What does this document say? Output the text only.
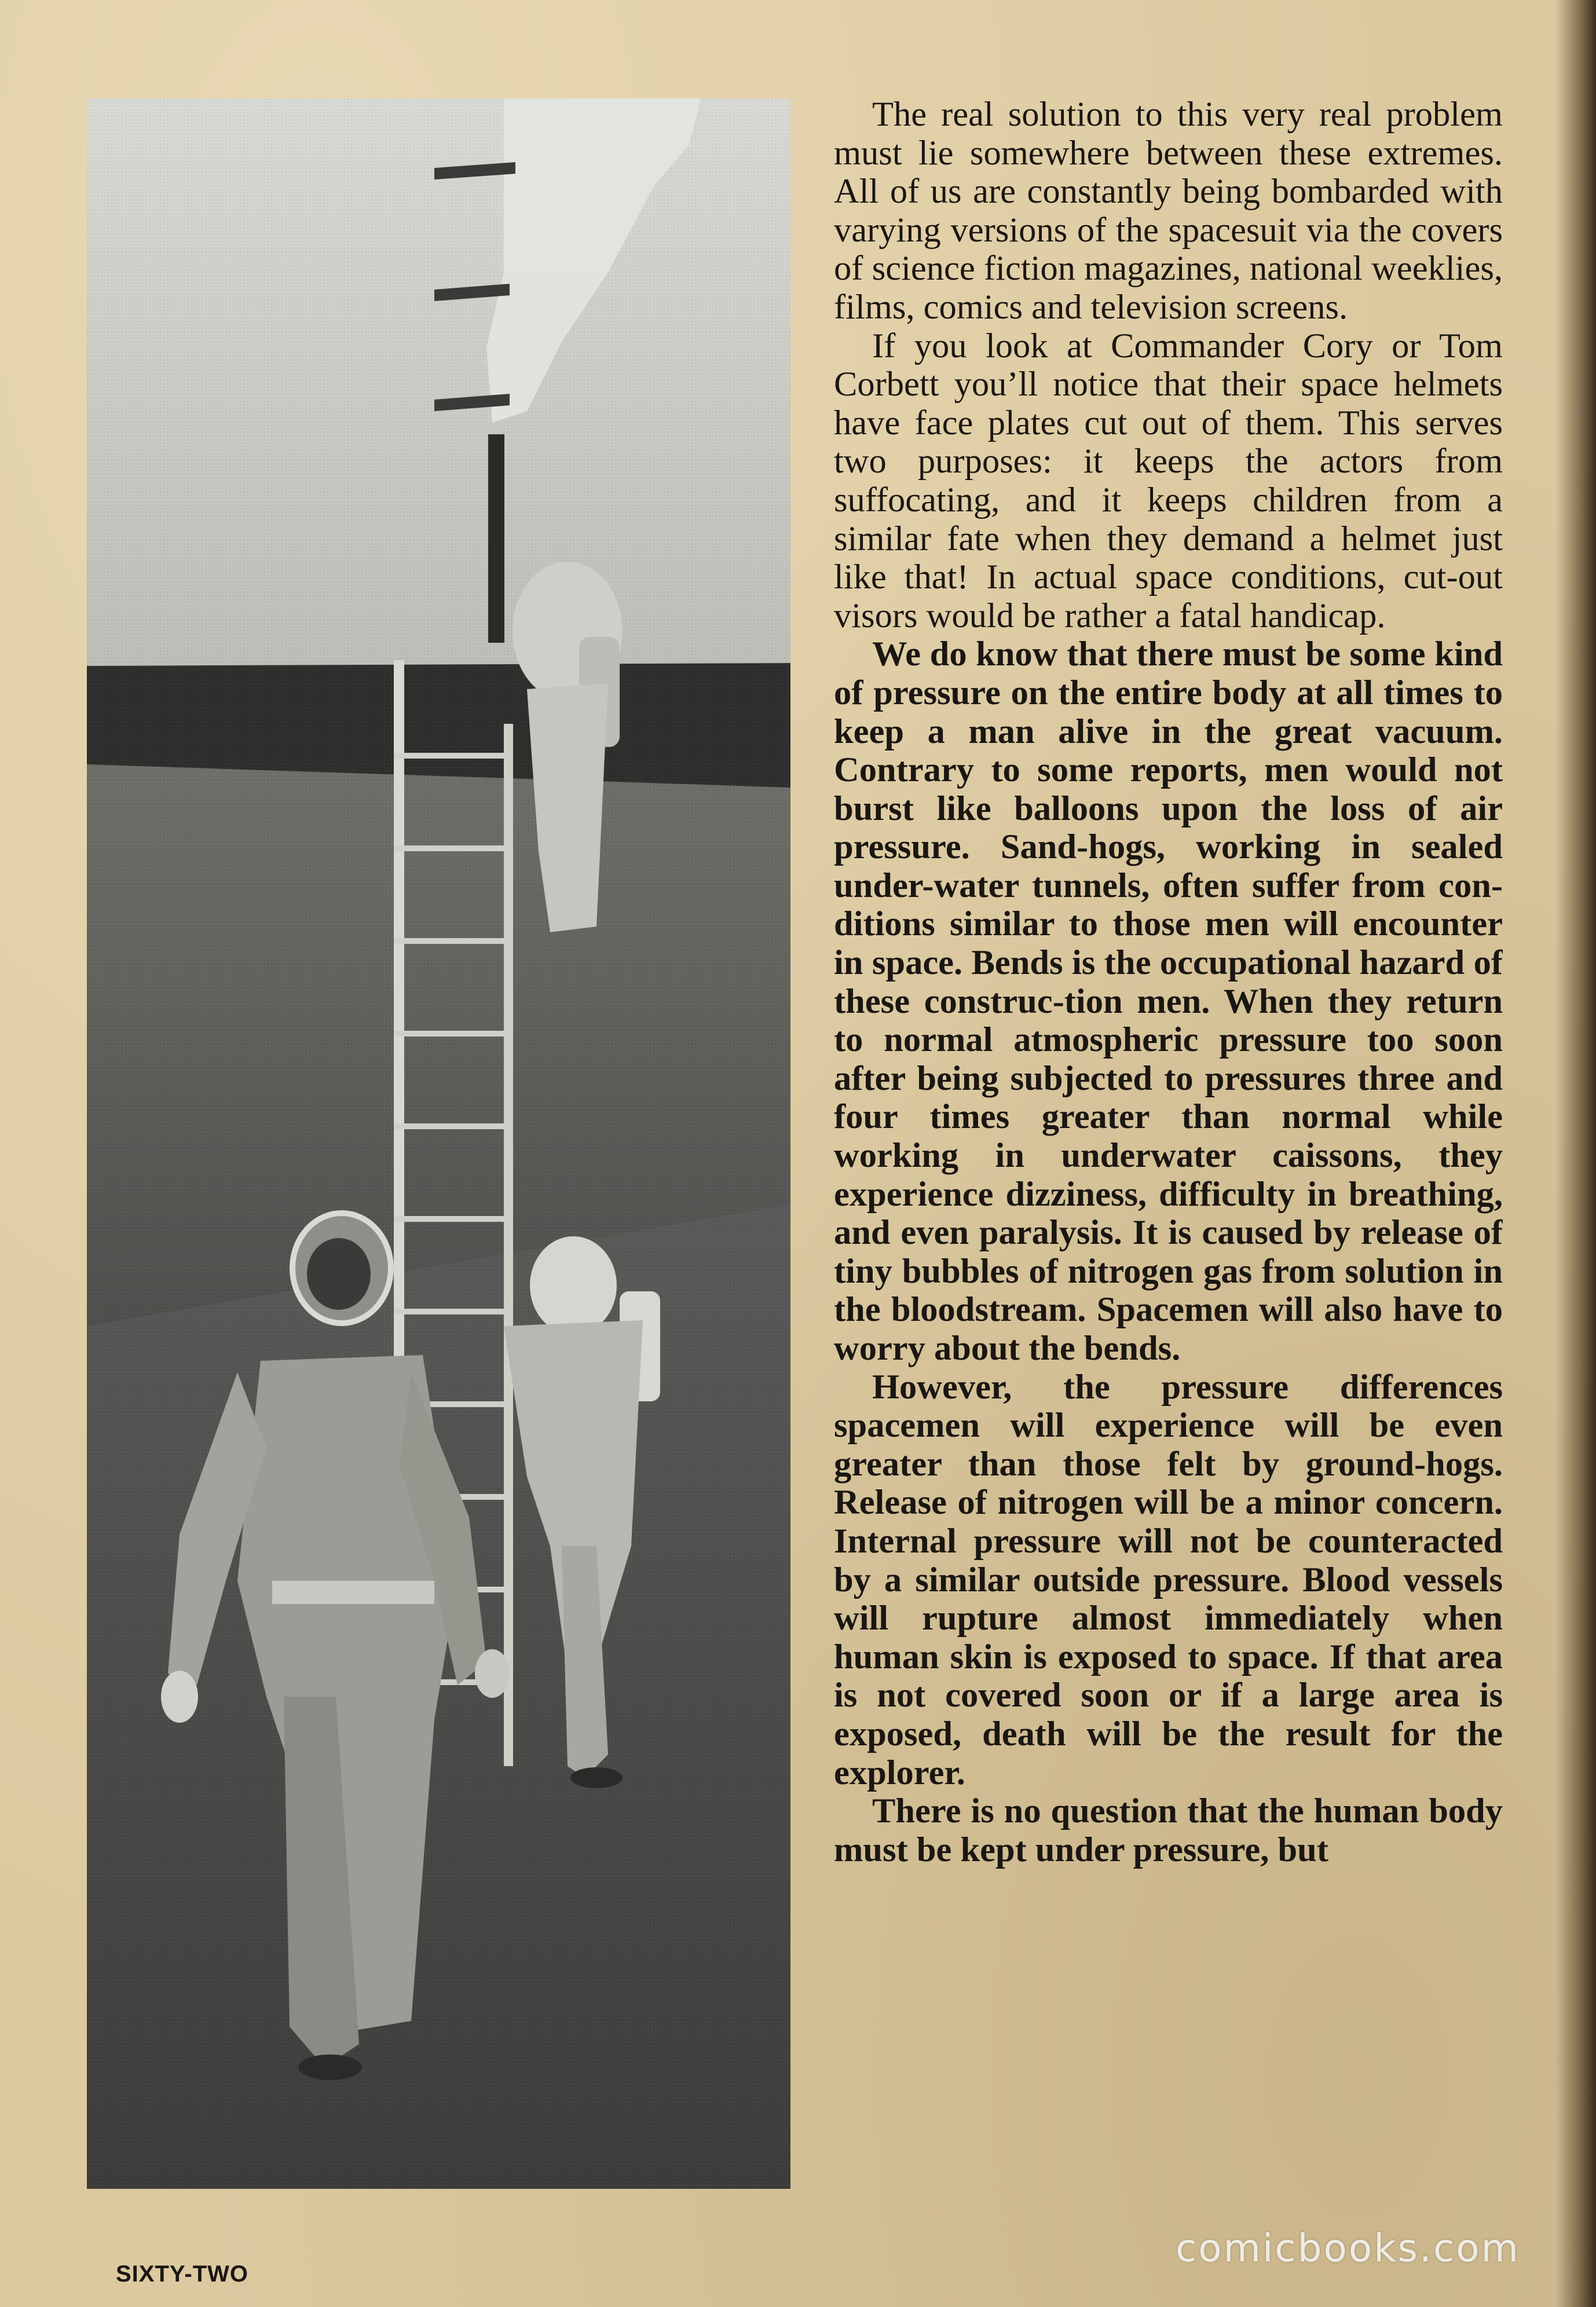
The real solution to this very real problem must lie somewhere between these extremes. All of us are constantly being bombarded with varying versions of the spacesuit via the covers of science fiction magazines, national weeklies, films, comics and television screens.

If you look at Commander Cory or Tom Corbett you’ll notice that their space helmets have face plates cut out of them. This serves two purposes: it keeps the actors from suffocating, and it keeps children from a similar fate when they demand a helmet just like that! In actual space conditions, cut-out visors would be rather a fatal handicap.

We do know that there must be some kind of pressure on the entire body at all times to keep a man alive in the great vacuum. Contrary to some reports, men would not burst like balloons upon the loss of air pressure. Sand-hogs, working in sealed under-water tunnels, often suffer from con-ditions similar to those men will encounter in space. Bends is the occupational hazard of these construc-tion men. When they return to normal atmospheric pressure too soon after being subjected to pressures three and four times greater than normal while working in underwater caissons, they experience dizziness, difficulty in breathing, and even paralysis. It is caused by release of tiny bubbles of nitrogen gas from solution in the bloodstream. Spacemen will also have to worry about the bends.

However, the pressure differences spacemen will experience will be even greater than those felt by ground-hogs. Release of nitrogen will be a minor concern. Internal pressure will not be counteracted by a similar outside pressure. Blood vessels will rupture almost immediately when human skin is exposed to space. If that area is not covered soon or if a large area is exposed, death will be the result for the explorer.

There is no question that the human body must be kept under pressure, but

SIXTY-TWO
comicbooks.com
